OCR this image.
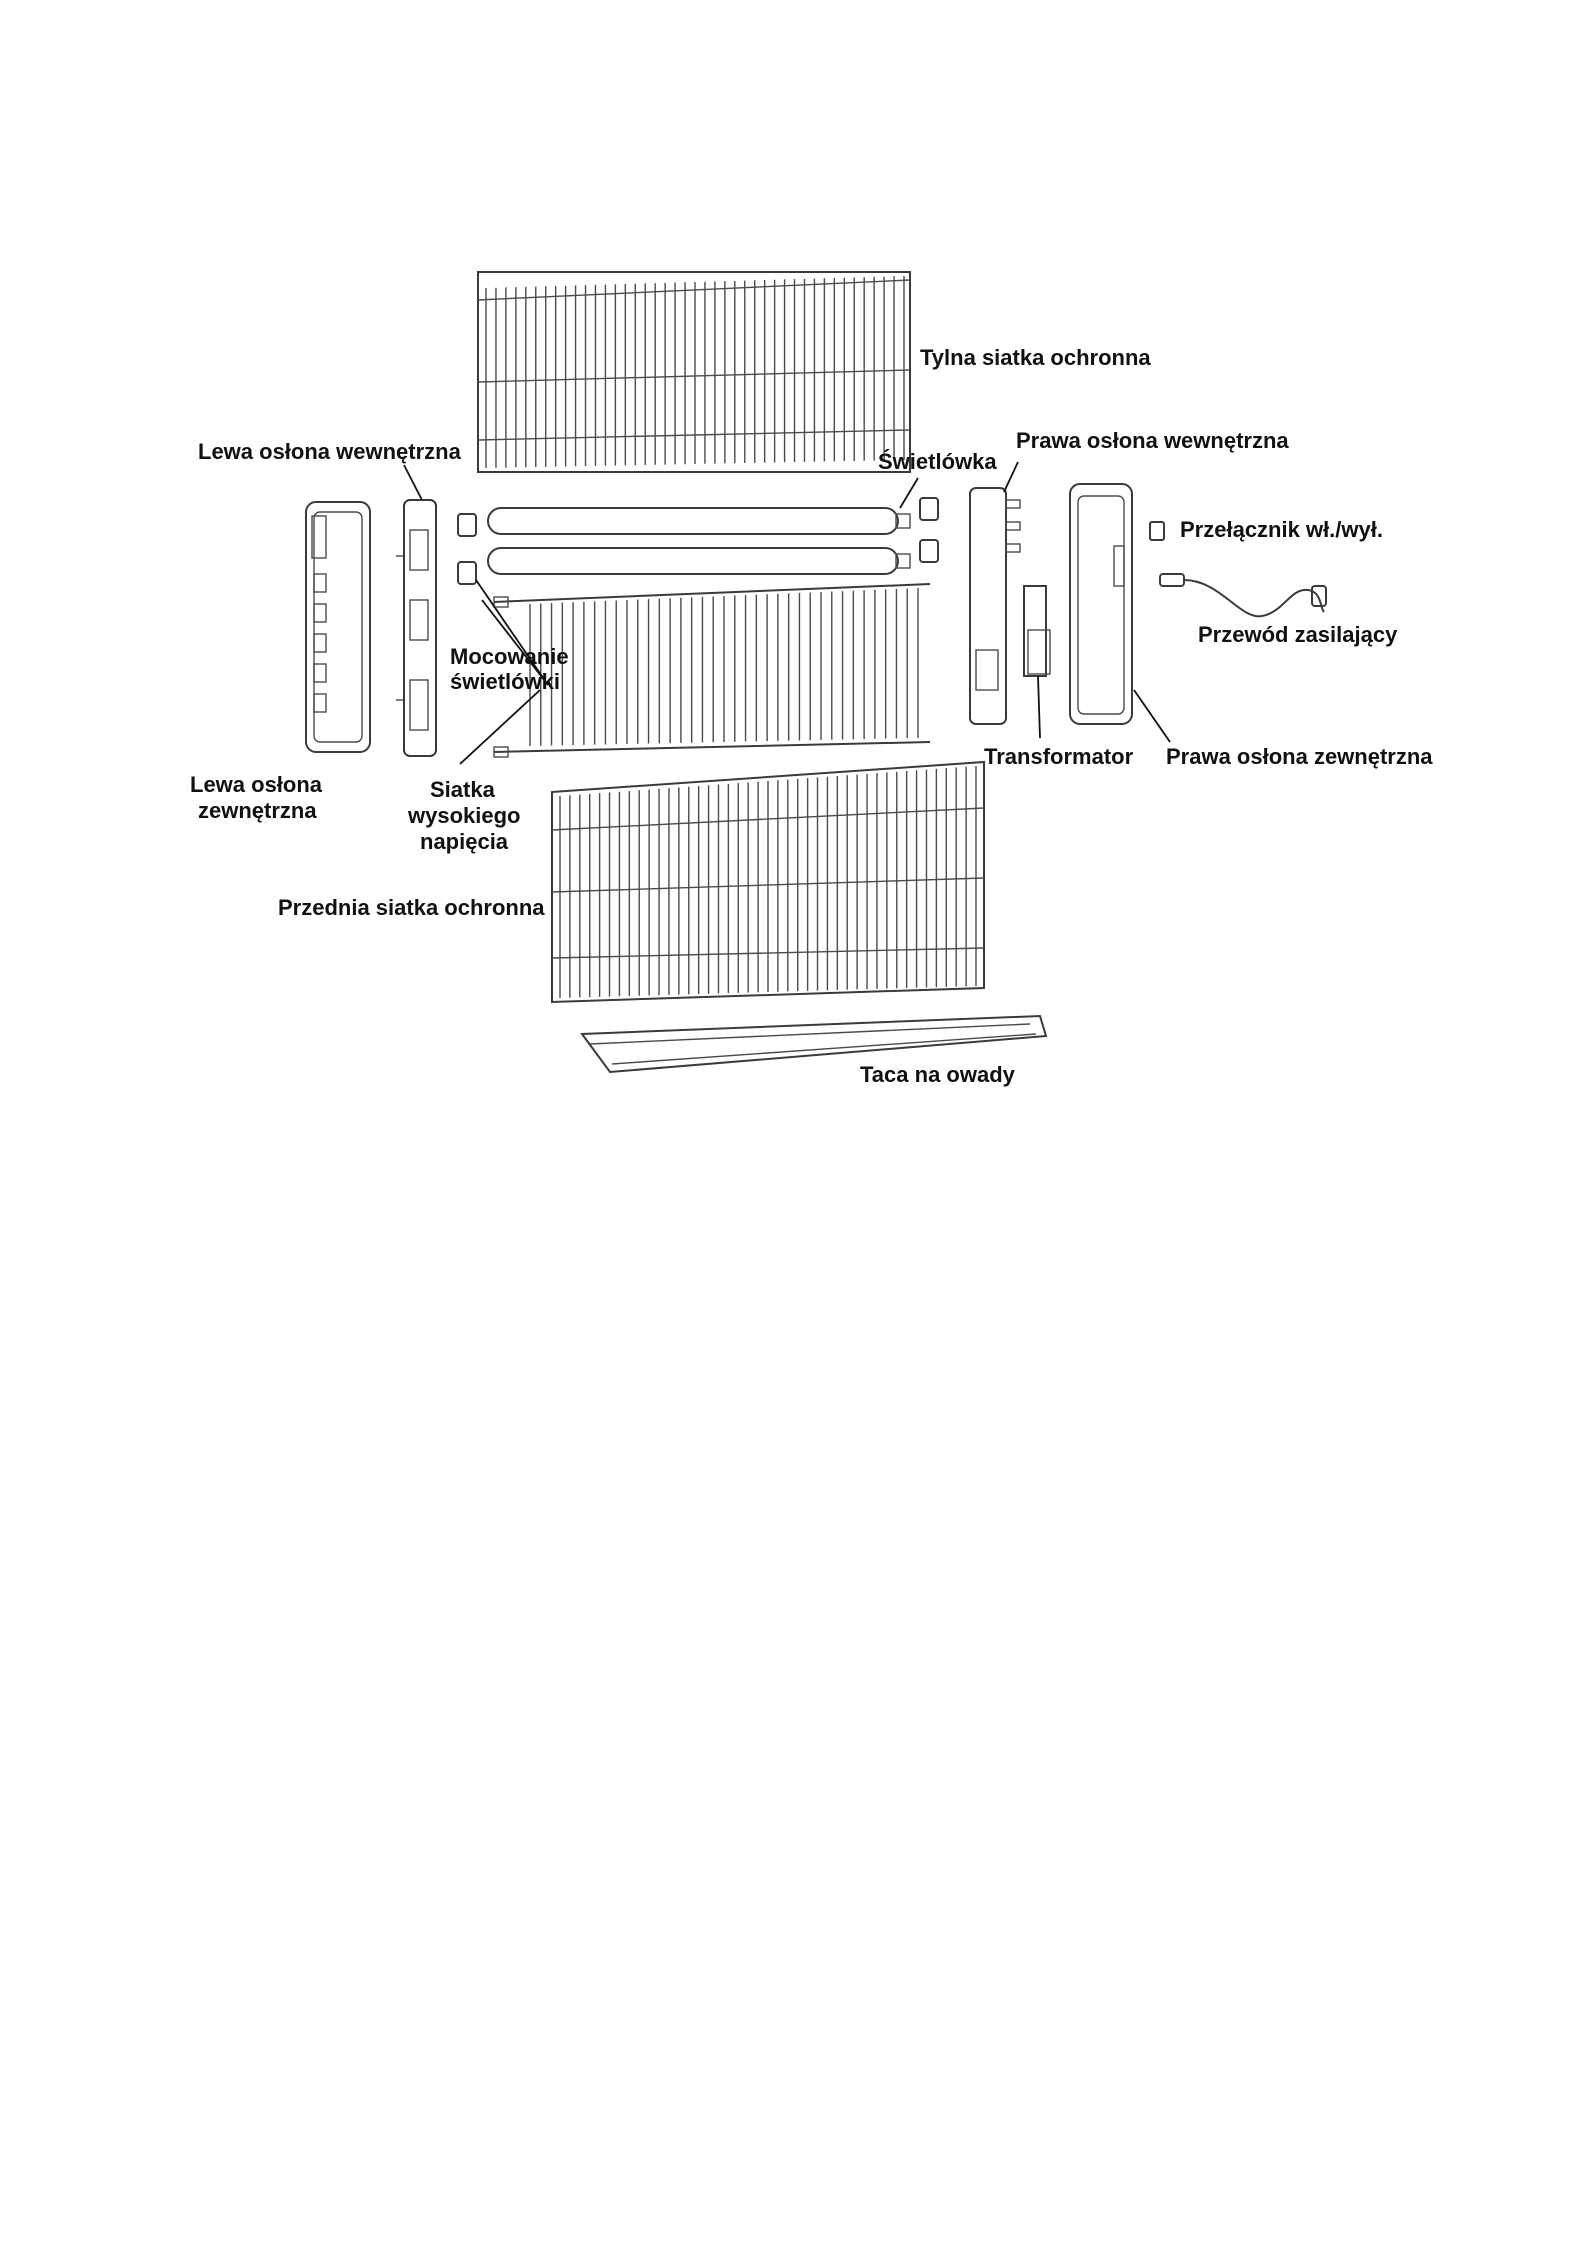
Tylna siatka ochronna
Lewa osłona wewnętrzna	Świetlówka
Prawa osłona wewnętrzna
Przełącznik wł./wył.
Przewód zasilający
Mocowanie
świetlówki
Lewa osłona
zewnętrzna
Siatka
wysokiego
napięcia
Transformator Prawa osłona zewnętrzna
Przednia siatka ochronna
Taca na owady
